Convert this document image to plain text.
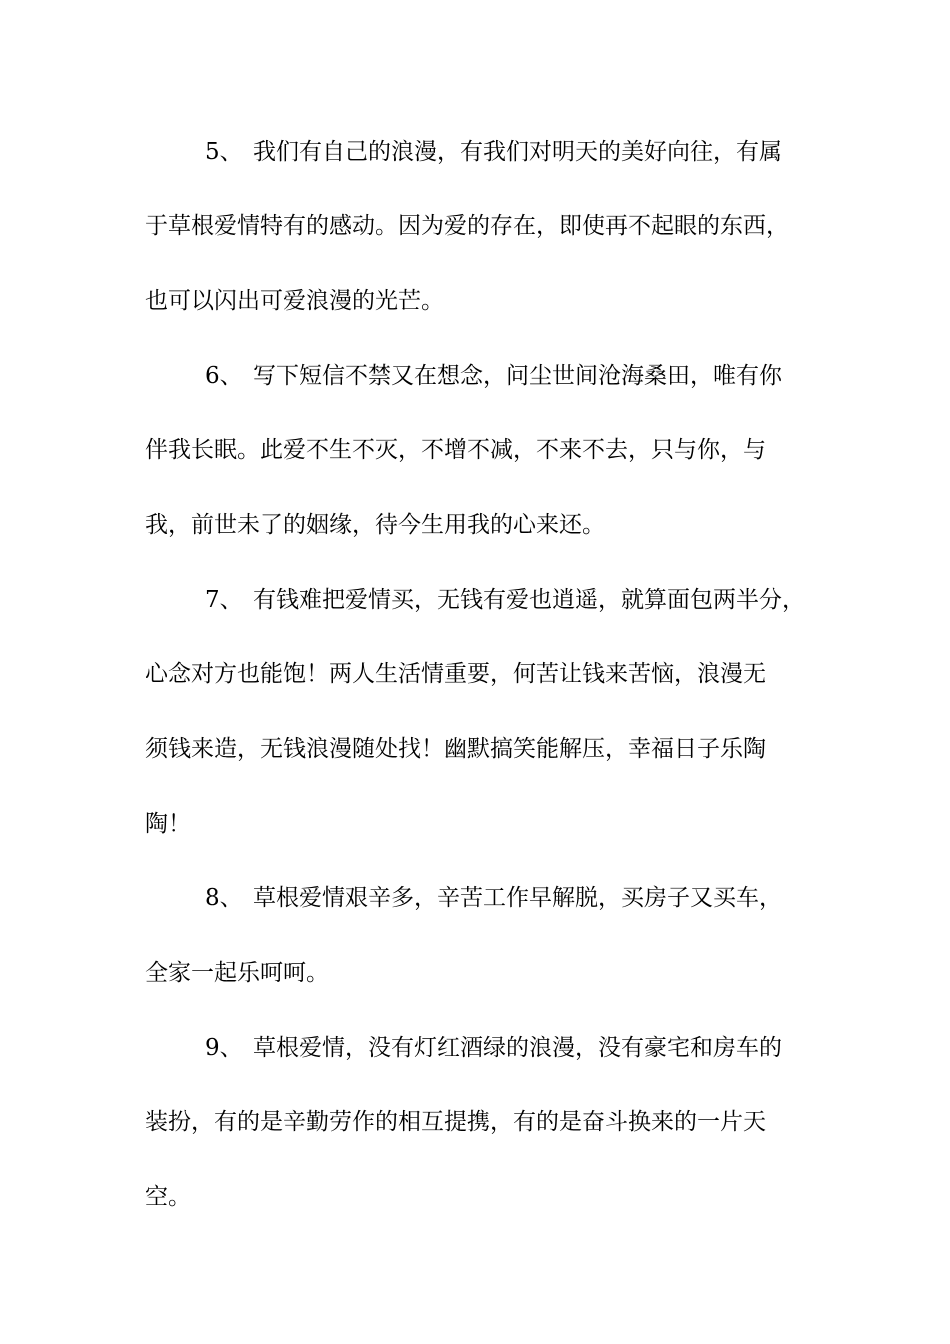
5、 我们有自己的浪漫，有我们对明天的美好向往，有属
于草根爱情特有的感动。因为爱的存在，即使再不起眼的东西，
也可以闪出可爱浪漫的光芒。
6、 写下短信不禁又在想念，问尘世间沧海桑田，唯有你
伴我长眠。此爱不生不灭，不增不减，不来不去，只与你，与
我，前世未了的姻缘，待今生用我的心来还。
7、 有钱难把爱情买，无钱有爱也逍遥，就算面包两半分，
心念对方也能饱！两人生活情重要，何苦让钱来苦恼，浪漫无
须钱来造，无钱浪漫随处找！幽默搞笑能解压，幸福日子乐陶
陶！
8、 草根爱情艰辛多，辛苦工作早解脱，买房子又买车，
全家一起乐呵呵。
9、 草根爱情，没有灯红酒绿的浪漫，没有豪宅和房车的
装扮，有的是辛勤劳作的相互提携，有的是奋斗换来的一片天
空。
